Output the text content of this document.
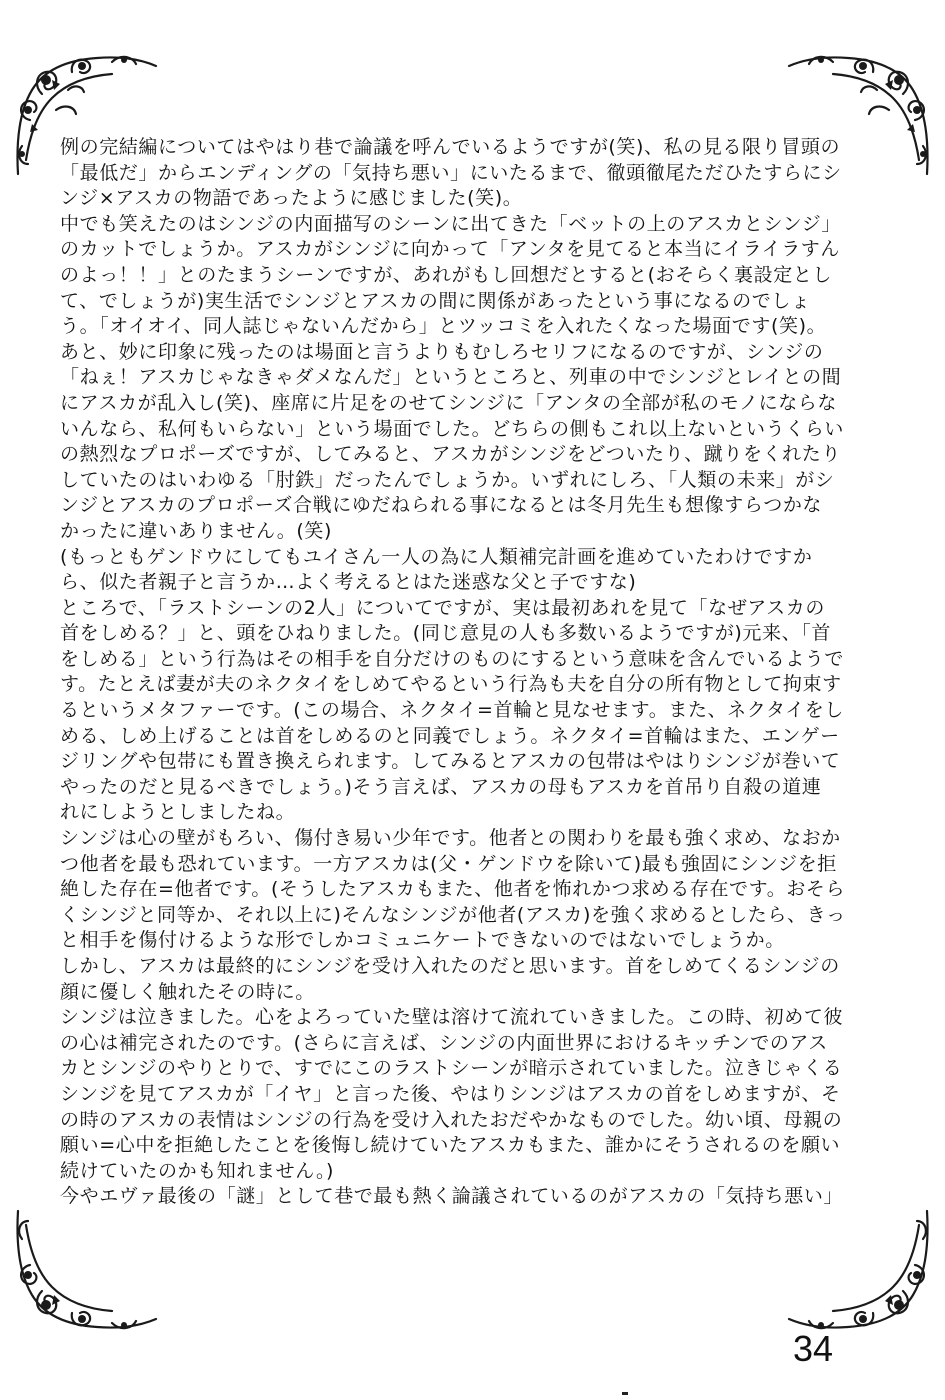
例の完結編についてはやはり巷で論議を呼んでいるようですが(笑)、私の見る限り冒頭の
「最低だ」からエンディングの「気持ち悪い」にいたるまで、徹頭徹尾ただひたすらにシ
ンジ×アスカの物語であったように感じました(笑)。

中でも笑えたのはシンジの内面描写のシーンに出てきた「ベットの上のアスカとシンジ」
のカットでしょうか。アスカがシンジに向かって「アンタを見てると本当にイライラすん
のよっ！！」とのたまうシーンですが、あれがもし回想だとすると(おそらく裏設定とし
て、でしょうが)実生活でシンジとアスカの間に関係があったという事になるのでしょ
う。「オイオイ、同人誌じゃないんだから」とツッコミを入れたくなった場面です(笑)。

あと、妙に印象に残ったのは場面と言うよりもむしろセリフになるのですが、シンジの
「ねぇ！アスカじゃなきゃダメなんだ」というところと、列車の中でシンジとレイとの間
にアスカが乱入し(笑)、座席に片足をのせてシンジに「アンタの全部が私のモノにならな
いんなら、私何もいらない」という場面でした。どちらの側もこれ以上ないというくらい
の熱烈なプロポーズですが、してみると、アスカがシンジをどついたり、蹴りをくれたり
していたのはいわゆる「肘鉄」だったんでしょうか。いずれにしろ、「人類の未来」がシ
ンジとアスカのプロポーズ合戦にゆだねられる事になるとは冬月先生も想像すらつかな
かったに違いありません。(笑)

(もっともゲンドウにしてもユイさん一人の為に人類補完計画を進めていたわけですか
ら、似た者親子と言うか…よく考えるとはた迷惑な父と子ですな)

ところで、「ラストシーンの2人」についてですが、実は最初あれを見て「なぜアスカの
首をしめる？」と、頭をひねりました。(同じ意見の人も多数いるようですが)元来、「首
をしめる」という行為はその相手を自分だけのものにするという意味を含んでいるようで
す。たとえば妻が夫のネクタイをしめてやるという行為も夫を自分の所有物として拘束す
るというメタファーです。(この場合、ネクタイ=首輪と見なせます。また、ネクタイをし
める、しめ上げることは首をしめるのと同義でしょう。ネクタイ=首輪はまた、エンゲー
ジリングや包帯にも置き換えられます。してみるとアスカの包帯はやはりシンジが巻いて
やったのだと見るべきでしょう。)そう言えば、アスカの母もアスカを首吊り自殺の道連
れにしようとしましたね。

シンジは心の壁がもろい、傷付き易い少年です。他者との関わりを最も強く求め、なおか
つ他者を最も恐れています。一方アスカは(父・ゲンドウを除いて)最も強固にシンジを拒
絶した存在=他者です。(そうしたアスカもまた、他者を怖れかつ求める存在です。おそら
くシンジと同等か、それ以上に)そんなシンジが他者(アスカ)を強く求めるとしたら、きっ
と相手を傷付けるような形でしかコミュニケートできないのではないでしょうか。

しかし、アスカは最終的にシンジを受け入れたのだと思います。首をしめてくるシンジの
顔に優しく触れたその時に。

シンジは泣きました。心をよろっていた壁は溶けて流れていきました。この時、初めて彼
の心は補完されたのです。(さらに言えば、シンジの内面世界におけるキッチンでのアス
カとシンジのやりとりで、すでにこのラストシーンが暗示されていました。泣きじゃくる
シンジを見てアスカが「イヤ」と言った後、やはりシンジはアスカの首をしめますが、そ
の時のアスカの表情はシンジの行為を受け入れたおだやかなものでした。幼い頃、母親の
願い=心中を拒絶したことを後悔し続けていたアスカもまた、誰かにそうされるのを願い
続けていたのかも知れません。)

今やエヴァ最後の「謎」として巷で最も熱く論議されているのがアスカの「気持ち悪い」

34
